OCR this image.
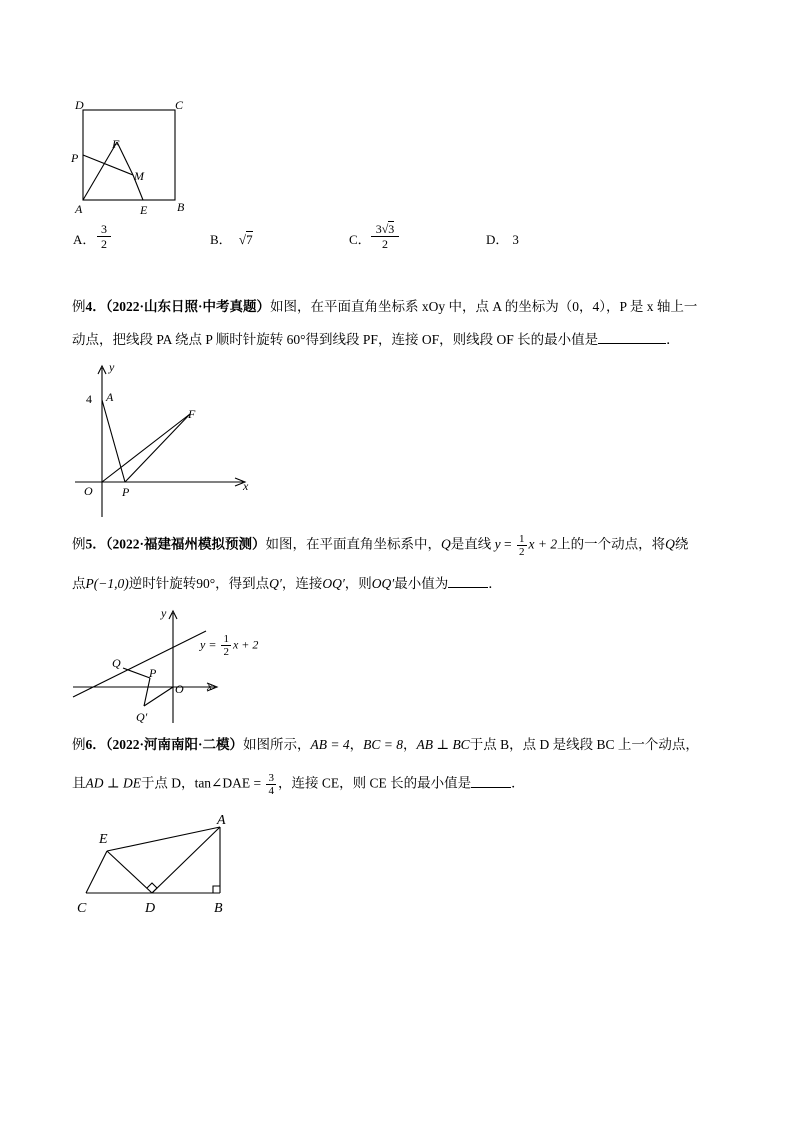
D	C
P
F
M
A	E B
A．
3
2	B． √7	C．
3√3
2	D． 3
例4．（2022·山东日照·中考真题）如图，在平面直角坐标系 xOy 中，点 A 的坐标为（0，4），P 是 x 轴上一
动点，把线段 PA 绕点 P 顺时针旋转 60°得到线段 PF，连接 OF，则线段 OF 长的最小值是	．
y
4 A
F
O P	x
例5．（2022·福建福州模拟预测）如图，在平面直角坐标系中，Q是直线 $y = \frac{1}{2}$ x + 2上的一个动点，将Q绕
点P(−1,0)逆时针旋转90°，得到点Q′，连接OQ′，则OQ′最小值为	．
y
$y = \frac{1}{2}$ x + 2
Q
P
O x
Q′
例6．（2022·河南南阳·二模）如图所示，AB = 4，BC = 8，AB ⊥ BC于点 B，点 D 是线段 BC 上一个动点，
且AD ⊥ DE于点 D，tan∠DAE = $\frac{3}{4}$ ，连接 CE，则 CE 长的最小值是	．
E
A
C	D	B
